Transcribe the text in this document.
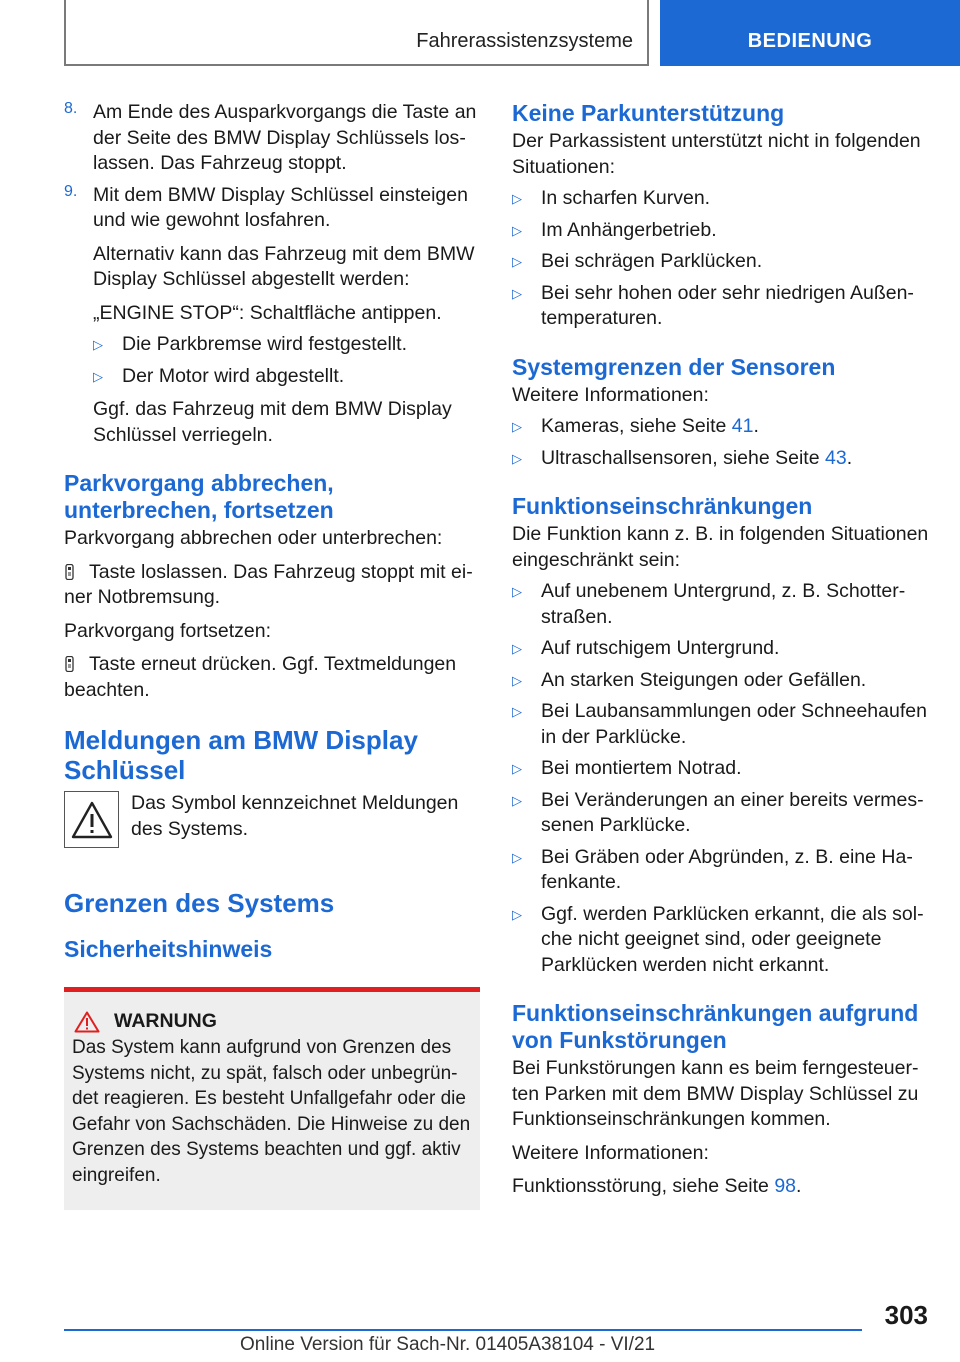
Fahrerassistenzsysteme	BEDIENUNG
8. Am Ende des Ausparkvorgangs die Taste an der Seite des BMW Display Schlüssels loslassen. Das Fahrzeug stoppt.

9. Mit dem BMW Display Schlüssel einsteigen und wie gewohnt losfahren.

Alternativ kann das Fahrzeug mit dem BMW Display Schlüssel abgestellt werden:

„ENGINE STOP“: Schaltfläche antippen.

▷ Die Parkbremse wird festgestellt.

▷ Der Motor wird abgestellt.

Ggf. das Fahrzeug mit dem BMW Display Schlüssel verriegeln.

Parkvorgang abbrechen, unterbrechen, fortsetzen

Parkvorgang abbrechen oder unterbrechen:

Taste loslassen. Das Fahrzeug stoppt mit einer Notbremsung.

Parkvorgang fortsetzen:

Taste erneut drücken. Ggf. Textmeldungen beachten.

Meldungen am BMW Display Schlüssel

Das Symbol kennzeichnet Meldungen des Systems.

Grenzen des Systems
Sicherheitshinweis
WARNUNG

Das System kann aufgrund von Grenzen des Systems nicht, zu spät, falsch oder unbegründet reagieren. Es besteht Unfallgefahr oder die Gefahr von Sachschäden. Die Hinweise zu den Grenzen des Systems beachten und ggf. aktiv eingreifen.

Keine Parkunterstützung

Der Parkassistent unterstützt nicht in folgenden Situationen:

▷ In scharfen Kurven.

▷ Im Anhängerbetrieb.

▷ Bei schrägen Parklücken.

▷ Bei sehr hohen oder sehr niedrigen Außentemperaturen.

Systemgrenzen der Sensoren

Weitere Informationen:

▷ Kameras, siehe Seite 41.

▷ Ultraschallsensoren, siehe Seite 43.

Funktionseinschränkungen

Die Funktion kann z. B. in folgenden Situationen eingeschränkt sein:

▷ Auf unebenem Untergrund, z. B. Schotterstraßen.

▷ Auf rutschigem Untergrund.

▷ An starken Steigungen oder Gefällen.

▷ Bei Laubansammlungen oder Schneehaufen in der Parklücke.

▷ Bei montiertem Notrad.

▷ Bei Veränderungen an einer bereits vermessenen Parklücke.

▷ Bei Gräben oder Abgründen, z. B. eine Hafenkante.

▷ Ggf. werden Parklücken erkannt, die als solche nicht geeignet sind, oder geeignete Parklücken werden nicht erkannt.

Funktionseinschränkungen aufgrund von Funkstörungen

Bei Funkstörungen kann es beim ferngesteuerten Parken mit dem BMW Display Schlüssel zu Funktionseinschränkungen kommen.

Weitere Informationen:

Funktionsstörung, siehe Seite 98.

303
Online Version für Sach-Nr. 01405A38104 - VI/21
